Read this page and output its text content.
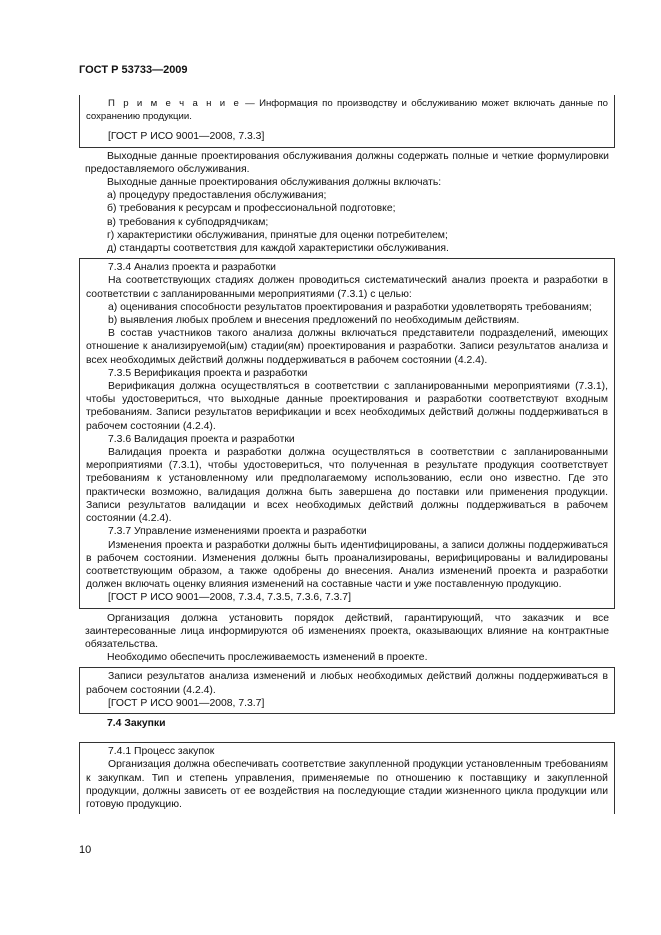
ГОСТ Р 53733—2009

П р и м е ч а н и е — Информация по производству и обслуживанию может включать данные по сохранению продукции.

[ГОСТ Р ИСО 9001—2008, 7.3.3]

Выходные данные проектирования обслуживания должны содержать полные и четкие формулировки предоставляемого обслуживания.

Выходные данные проектирования обслуживания должны включать:

а) процедуру предоставления обслуживания;

б) требования к ресурсам и профессиональной подготовке;

в) требования к субподрядчикам;

г) характеристики обслуживания, принятые для оценки потребителем;

д) стандарты соответствия для каждой характеристики обслуживания.

7.3.4 Анализ проекта и разработки

На соответствующих стадиях должен проводиться систематический анализ проекта и разработки в соответствии с запланированными мероприятиями (7.3.1) с целью:

а) оценивания способности результатов проектирования и разработки удовлетворять требованиям;

b) выявления любых проблем и внесения предложений по необходимым действиям.

В состав участников такого анализа должны включаться представители подразделений, имеющих отношение к анализируемой(ым) стадии(ям) проектирования и разработки. Записи результатов анализа и всех необходимых действий должны поддерживаться в рабочем состоянии (4.2.4).

7.3.5 Верификация проекта и разработки

Верификация должна осуществляться в соответствии с запланированными мероприятиями (7.3.1), чтобы удостовериться, что выходные данные проектирования и разработки соответствуют входным требованиям. Записи результатов верификации и всех необходимых действий должны поддерживаться в рабочем состоянии (4.2.4).

7.3.6 Валидация проекта и разработки

Валидация проекта и разработки должна осуществляться в соответствии с запланированными мероприятиями (7.3.1), чтобы удостовериться, что полученная в результате продукция соответствует требованиям к установленному или предполагаемому использованию, если оно известно. Где это практически возможно, валидация должна быть завершена до поставки или применения продукции. Записи результатов валидации и всех необходимых действий должны поддерживаться в рабочем состоянии (4.2.4).

7.3.7 Управление изменениями проекта и разработки

Изменения проекта и разработки должны быть идентифицированы, а записи должны поддерживаться в рабочем состоянии. Изменения должны быть проанализированы, верифицированы и валидированы соответствующим образом, а также одобрены до внесения. Анализ изменений проекта и разработки должен включать оценку влияния изменений на составные части и уже поставленную продукцию.

[ГОСТ Р ИСО 9001—2008, 7.3.4, 7.3.5, 7.3.6, 7.3.7]

Организация должна установить порядок действий, гарантирующий, что заказчик и все заинтересованные лица информируются об изменениях проекта, оказывающих влияние на контрактные обязательства.

Необходимо обеспечить прослеживаемость изменений в проекте.

Записи результатов анализа изменений и любых необходимых действий должны поддерживаться в рабочем состоянии (4.2.4).

[ГОСТ Р ИСО 9001—2008, 7.3.7]

7.4 Закупки

7.4.1 Процесс закупок

Организация должна обеспечивать соответствие закупленной продукции установленным требованиям к закупкам. Тип и степень управления, применяемые по отношению к поставщику и закупленной продукции, должны зависеть от ее воздействия на последующие стадии жизненного цикла продукции или готовую продукцию.

10
